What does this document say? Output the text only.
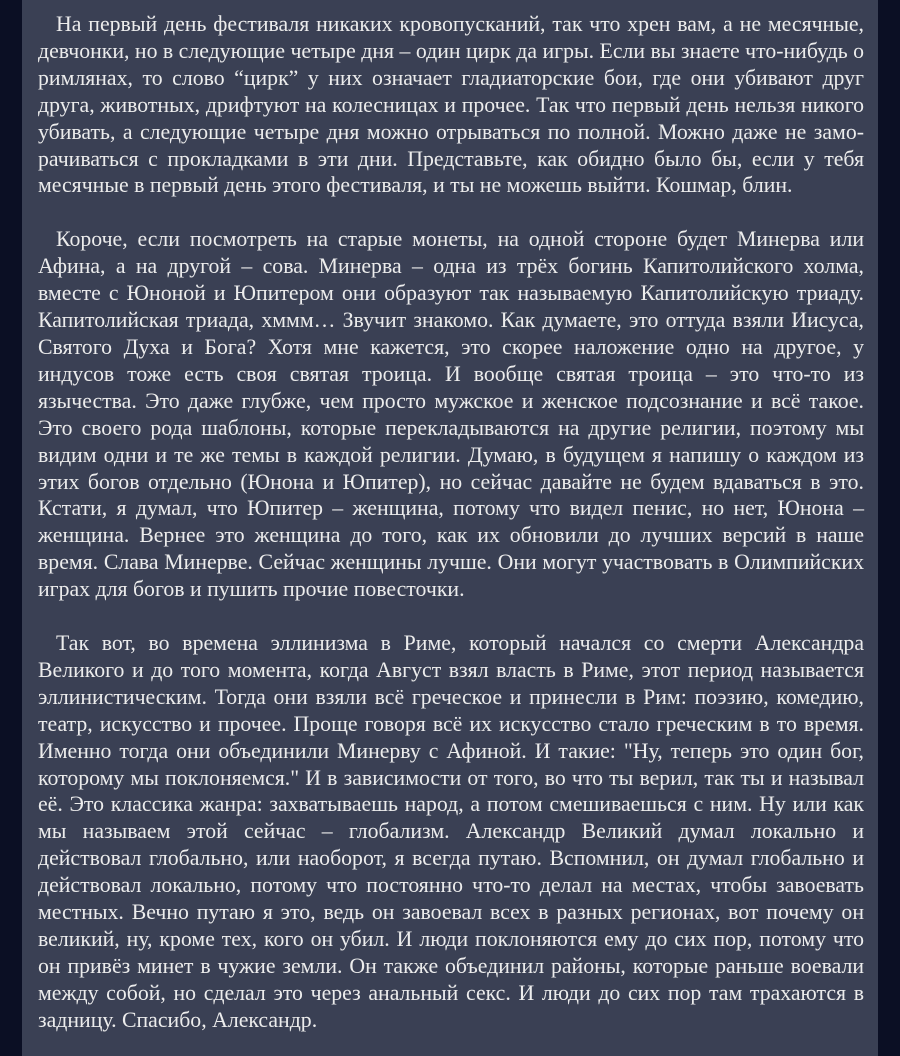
На первый день фестиваля никаких кровопусканий, так что хрен вам, а не месячные, девчонки, но в следующие четыре дня – один цирк да игры. Если вы знаете что-нибудь о римлянах, то слово “цирк” у них означает гладиаторские бои, где они убивают друг друга, животных, дрифтуют на колесницах и прочее. Так что первый день нельзя никого убивать, а следующие четыре дня можно отрываться по полной. Можно даже не заморачиваться с прокладками в эти дни. Представьте, как обидно было бы, если у тебя месячные в первый день этого фестиваля, и ты не можешь выйти. Кошмар, блин.

Короче, если посмотреть на старые монеты, на одной стороне будет Минерва или Афина, а на другой – сова. Минерва – одна из трёх богинь Капитолийского холма, вместе с Юноной и Юпитером они образуют так называемую Капитолийскую триаду. Капитолийская триада, хммм… Звучит знакомо. Как думаете, это оттуда взяли Иисуса, Святого Духа и Бога? Хотя мне кажется, это скорее наложение одно на другое, у индусов тоже есть своя святая троица. И вообще святая троица – это что-то из язычества. Это даже глубже, чем просто мужское и женское подсознание и всё такое. Это своего рода шаблоны, которые перекладываются на другие религии, поэтому мы видим одни и те же темы в каждой религии. Думаю, в будущем я напишу о каждом из этих богов отдельно (Юнона и Юпитер), но сейчас давайте не будем вдаваться в это. Кстати, я думал, что Юпитер – женщина, потому что видел пенис, но нет, Юнона – женщина. Вернее это женщина до того, как их обновили до лучших версий в наше время. Слава Минерве. Сейчас женщины лучше. Они могут участвовать в Олимпийских играх для богов и пушить прочие повесточки.

Так вот, во времена эллинизма в Риме, который начался со смерти Александра Великого и до того момента, когда Август взял власть в Риме, этот период называется эллинистическим. Тогда они взяли всё греческое и принесли в Рим: поэзию, комедию, театр, искусство и прочее. Проще говоря всё их искусство стало греческим в то время. Именно тогда они объединили Минерву с Афиной. И такие: "Ну, теперь это один бог, которому мы поклоняемся." И в зависимости от того, во что ты верил, так ты и называл её. Это классика жанра: захватываешь народ, а потом смешиваешься с ним. Ну или как мы называем этой сейчас – глобализм. Александр Великий думал локально и действовал глобально, или наоборот, я всегда путаю. Вспомнил, он думал глобально и действовал локально, потому что постоянно что-то делал на местах, чтобы завоевать местных. Вечно путаю я это, ведь он завоевал всех в разных регионах, вот почему он великий, ну, кроме тех, кого он убил. И люди поклоняются ему до сих пор, потому что он привёз минет в чужие земли. Он также объединил районы, которые раньше воевали между собой, но сделал это через анальный секс. И люди до сих пор там трахаются в задницу. Спасибо, Александр.
